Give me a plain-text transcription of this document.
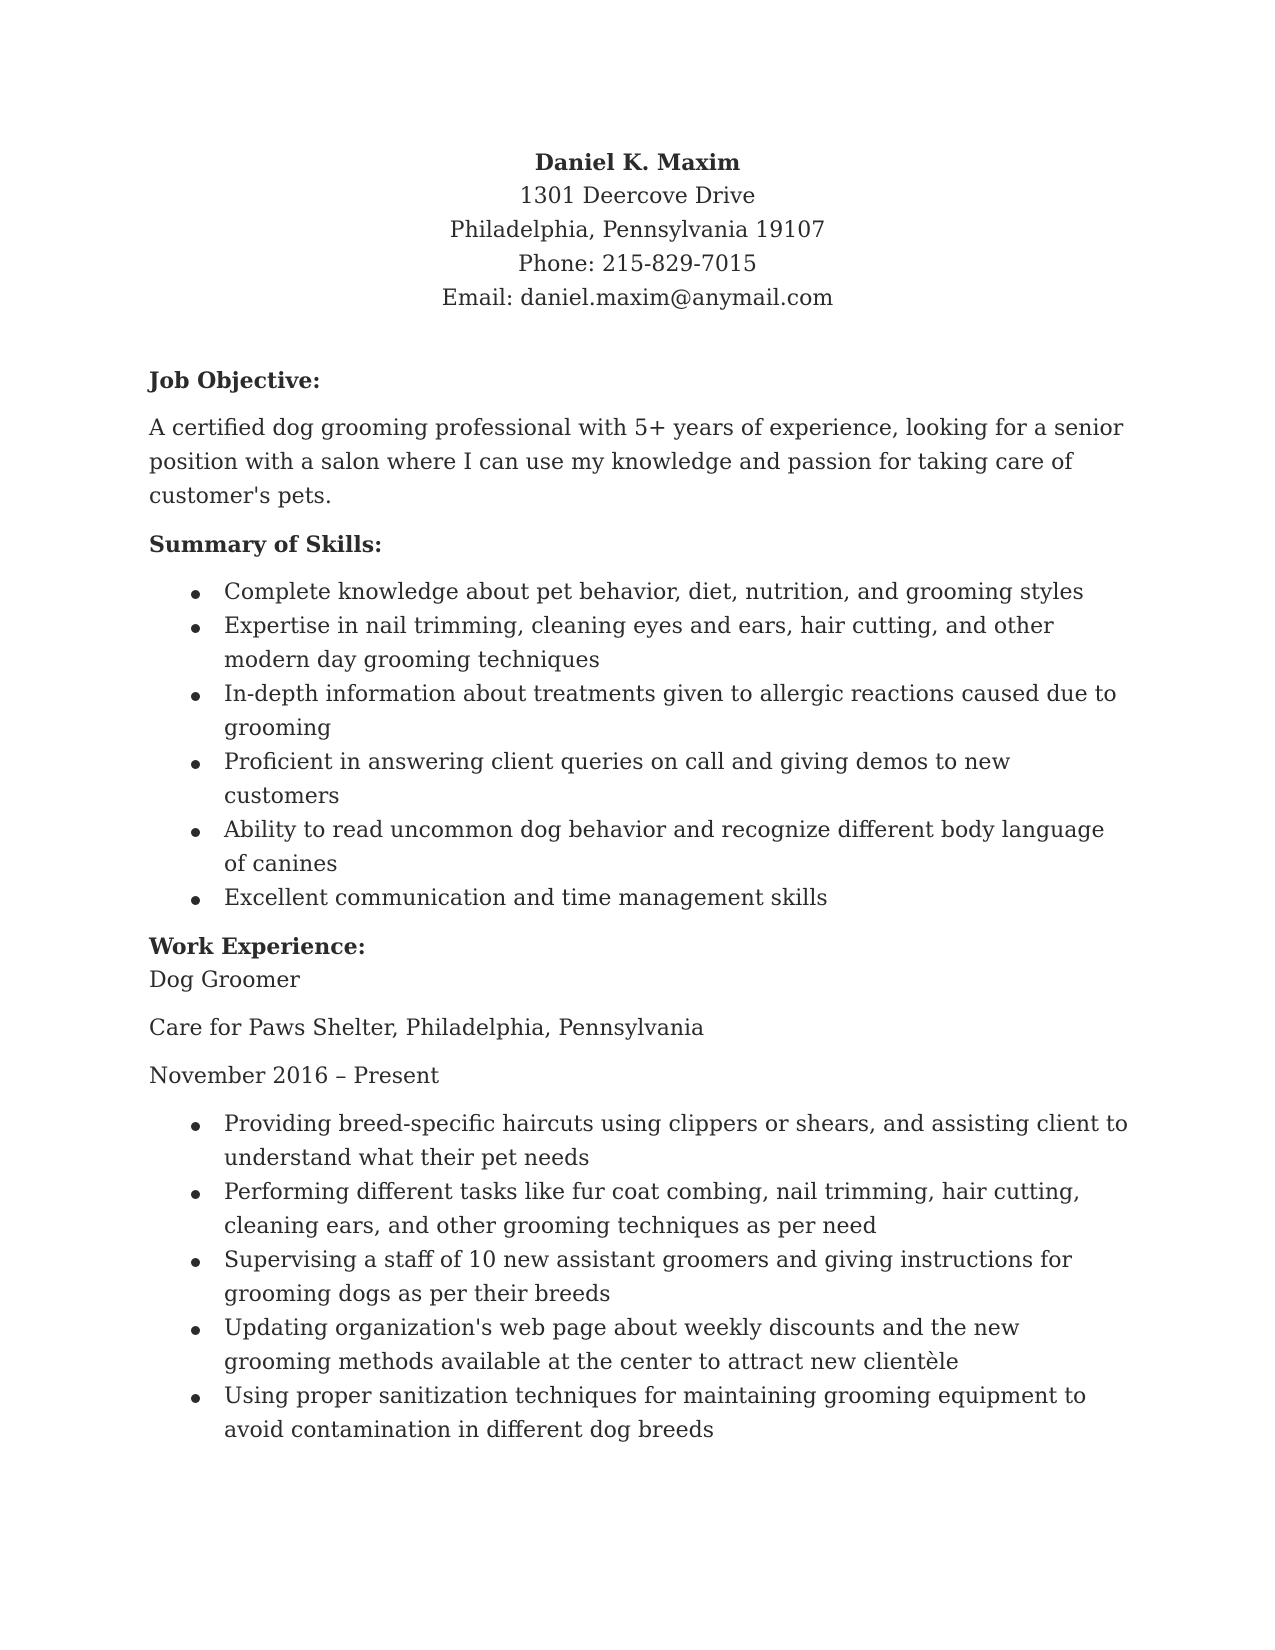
Daniel K. Maxim
1301 Deercove Drive
Philadelphia, Pennsylvania 19107
Phone: 215-829-7015
Email: daniel.maxim@anymail.com
Job Objective:

A certified dog grooming professional with 5+ years of experience, looking for a senior position with a salon where I can use my knowledge and passion for taking care of customer's pets.

Summary of Skills:
Complete knowledge about pet behavior, diet, nutrition, and grooming styles
Expertise in nail trimming, cleaning eyes and ears, hair cutting, and other modern day grooming techniques
In-depth information about treatments given to allergic reactions caused due to grooming
Proficient in answering client queries on call and giving demos to new customers
Ability to read uncommon dog behavior and recognize different body language of canines
Excellent communication and time management skills
Work Experience:
Dog Groomer
Care for Paws Shelter, Philadelphia, Pennsylvania
November 2016 – Present
Providing breed-specific haircuts using clippers or shears, and assisting client to understand what their pet needs
Performing different tasks like fur coat combing, nail trimming, hair cutting, cleaning ears, and other grooming techniques as per need
Supervising a staff of 10 new assistant groomers and giving instructions for grooming dogs as per their breeds
Updating organization's web page about weekly discounts and the new grooming methods available at the center to attract new clientèle
Using proper sanitization techniques for maintaining grooming equipment to avoid contamination in different dog breeds
